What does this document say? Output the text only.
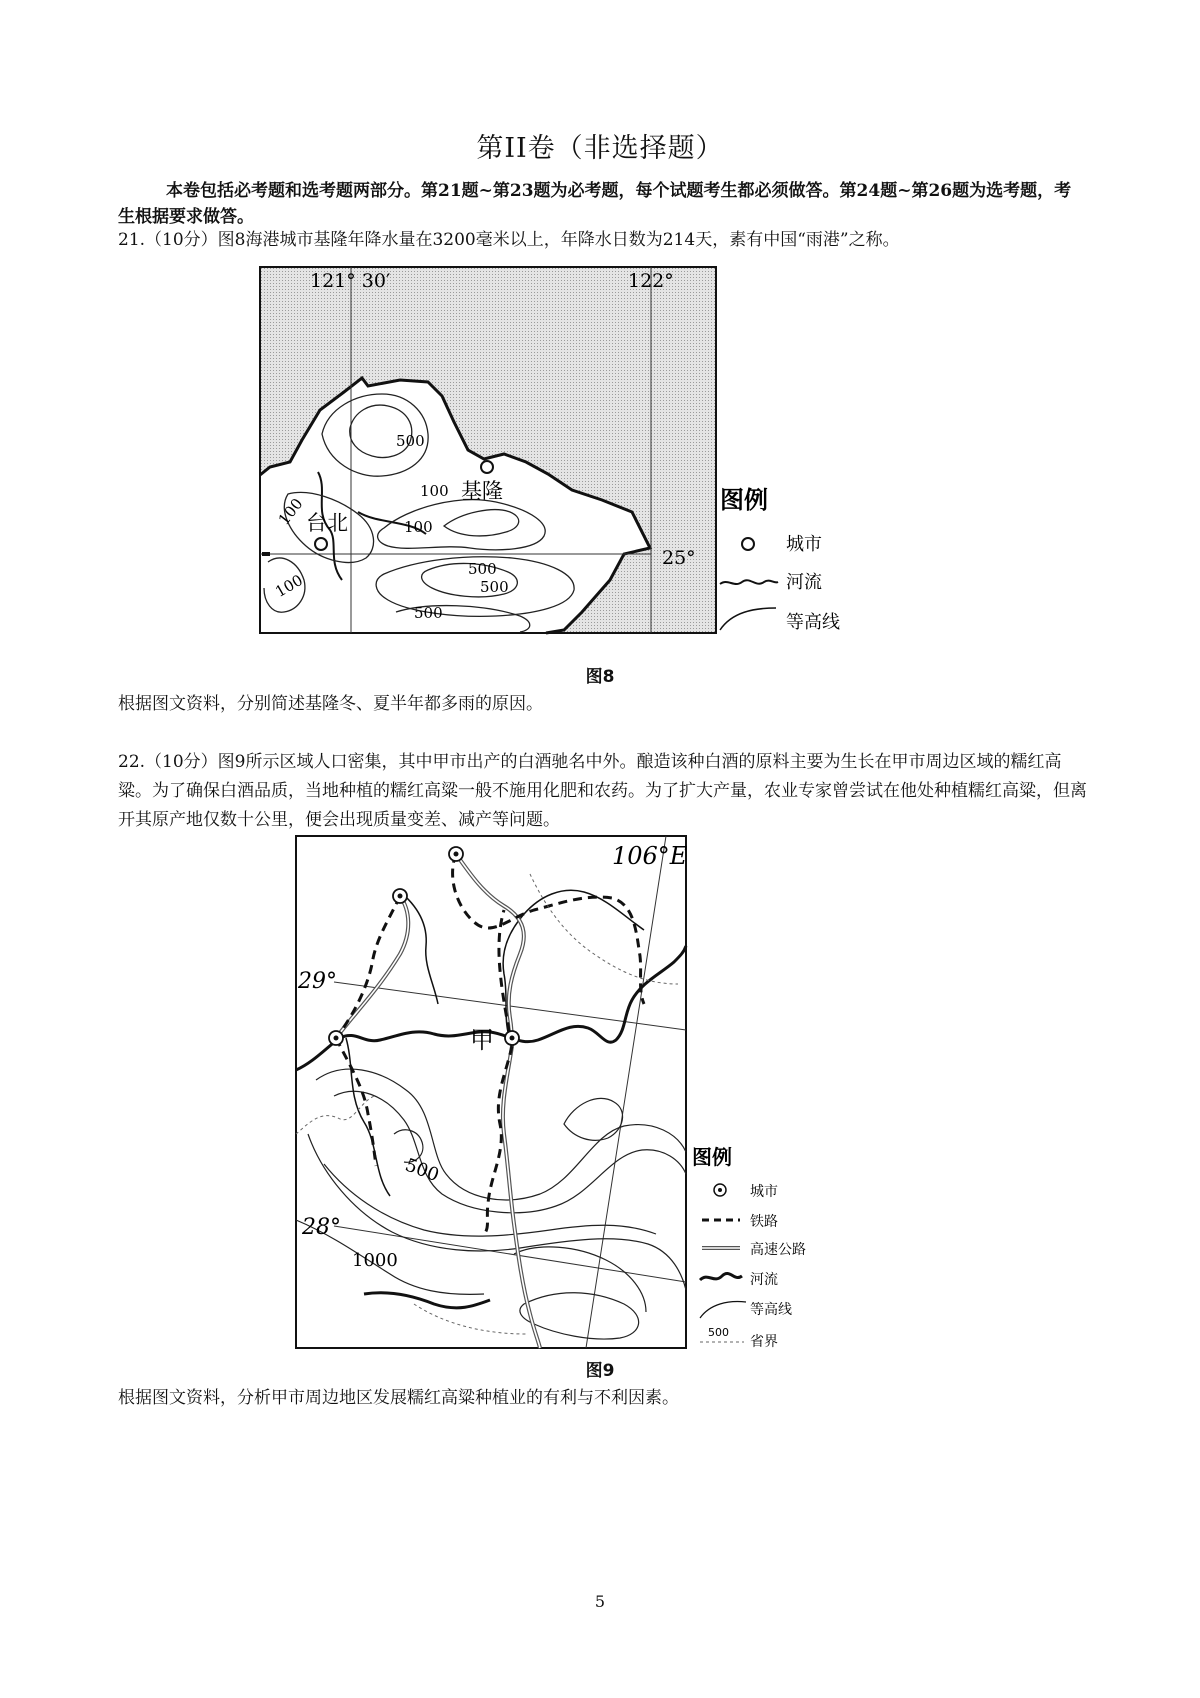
第II卷（非选择题）
本卷包括必考题和选考题两部分。第21题~第23题为必考题，每个试题考生都必须做答。第24题~第26题为选考题，考生根据要求做答。
21.（10分）图8海港城市基隆年降水量在3200毫米以上，年降水日数为214天，素有中国“雨港”之称。
500
100
100	100
100
500
500
500
基隆
台北
121° 30′	122°
25°
图例
城市
河流
等高线
图8
根据图文资料，分别简述基隆冬、夏半年都多雨的原因。
22.（10分）图9所示区域人口密集，其中甲市出产的白酒驰名中外。酿造该种白酒的原料主要为生长在甲市周边区域的糯红高粱。为了确保白酒品质，当地种植的糯红高粱一般不施用化肥和农药。为了扩大产量，农业专家曾尝试在他处种植糯红高粱，但离开其原产地仅数十公里，便会出现质量变差、减产等问题。
甲
106°E
29°
28°
500
1000
图例
城市
铁路
高速公路
河流
等高线
500
省界
图9
根据图文资料，分析甲市周边地区发展糯红高粱种植业的有利与不利因素。
5
